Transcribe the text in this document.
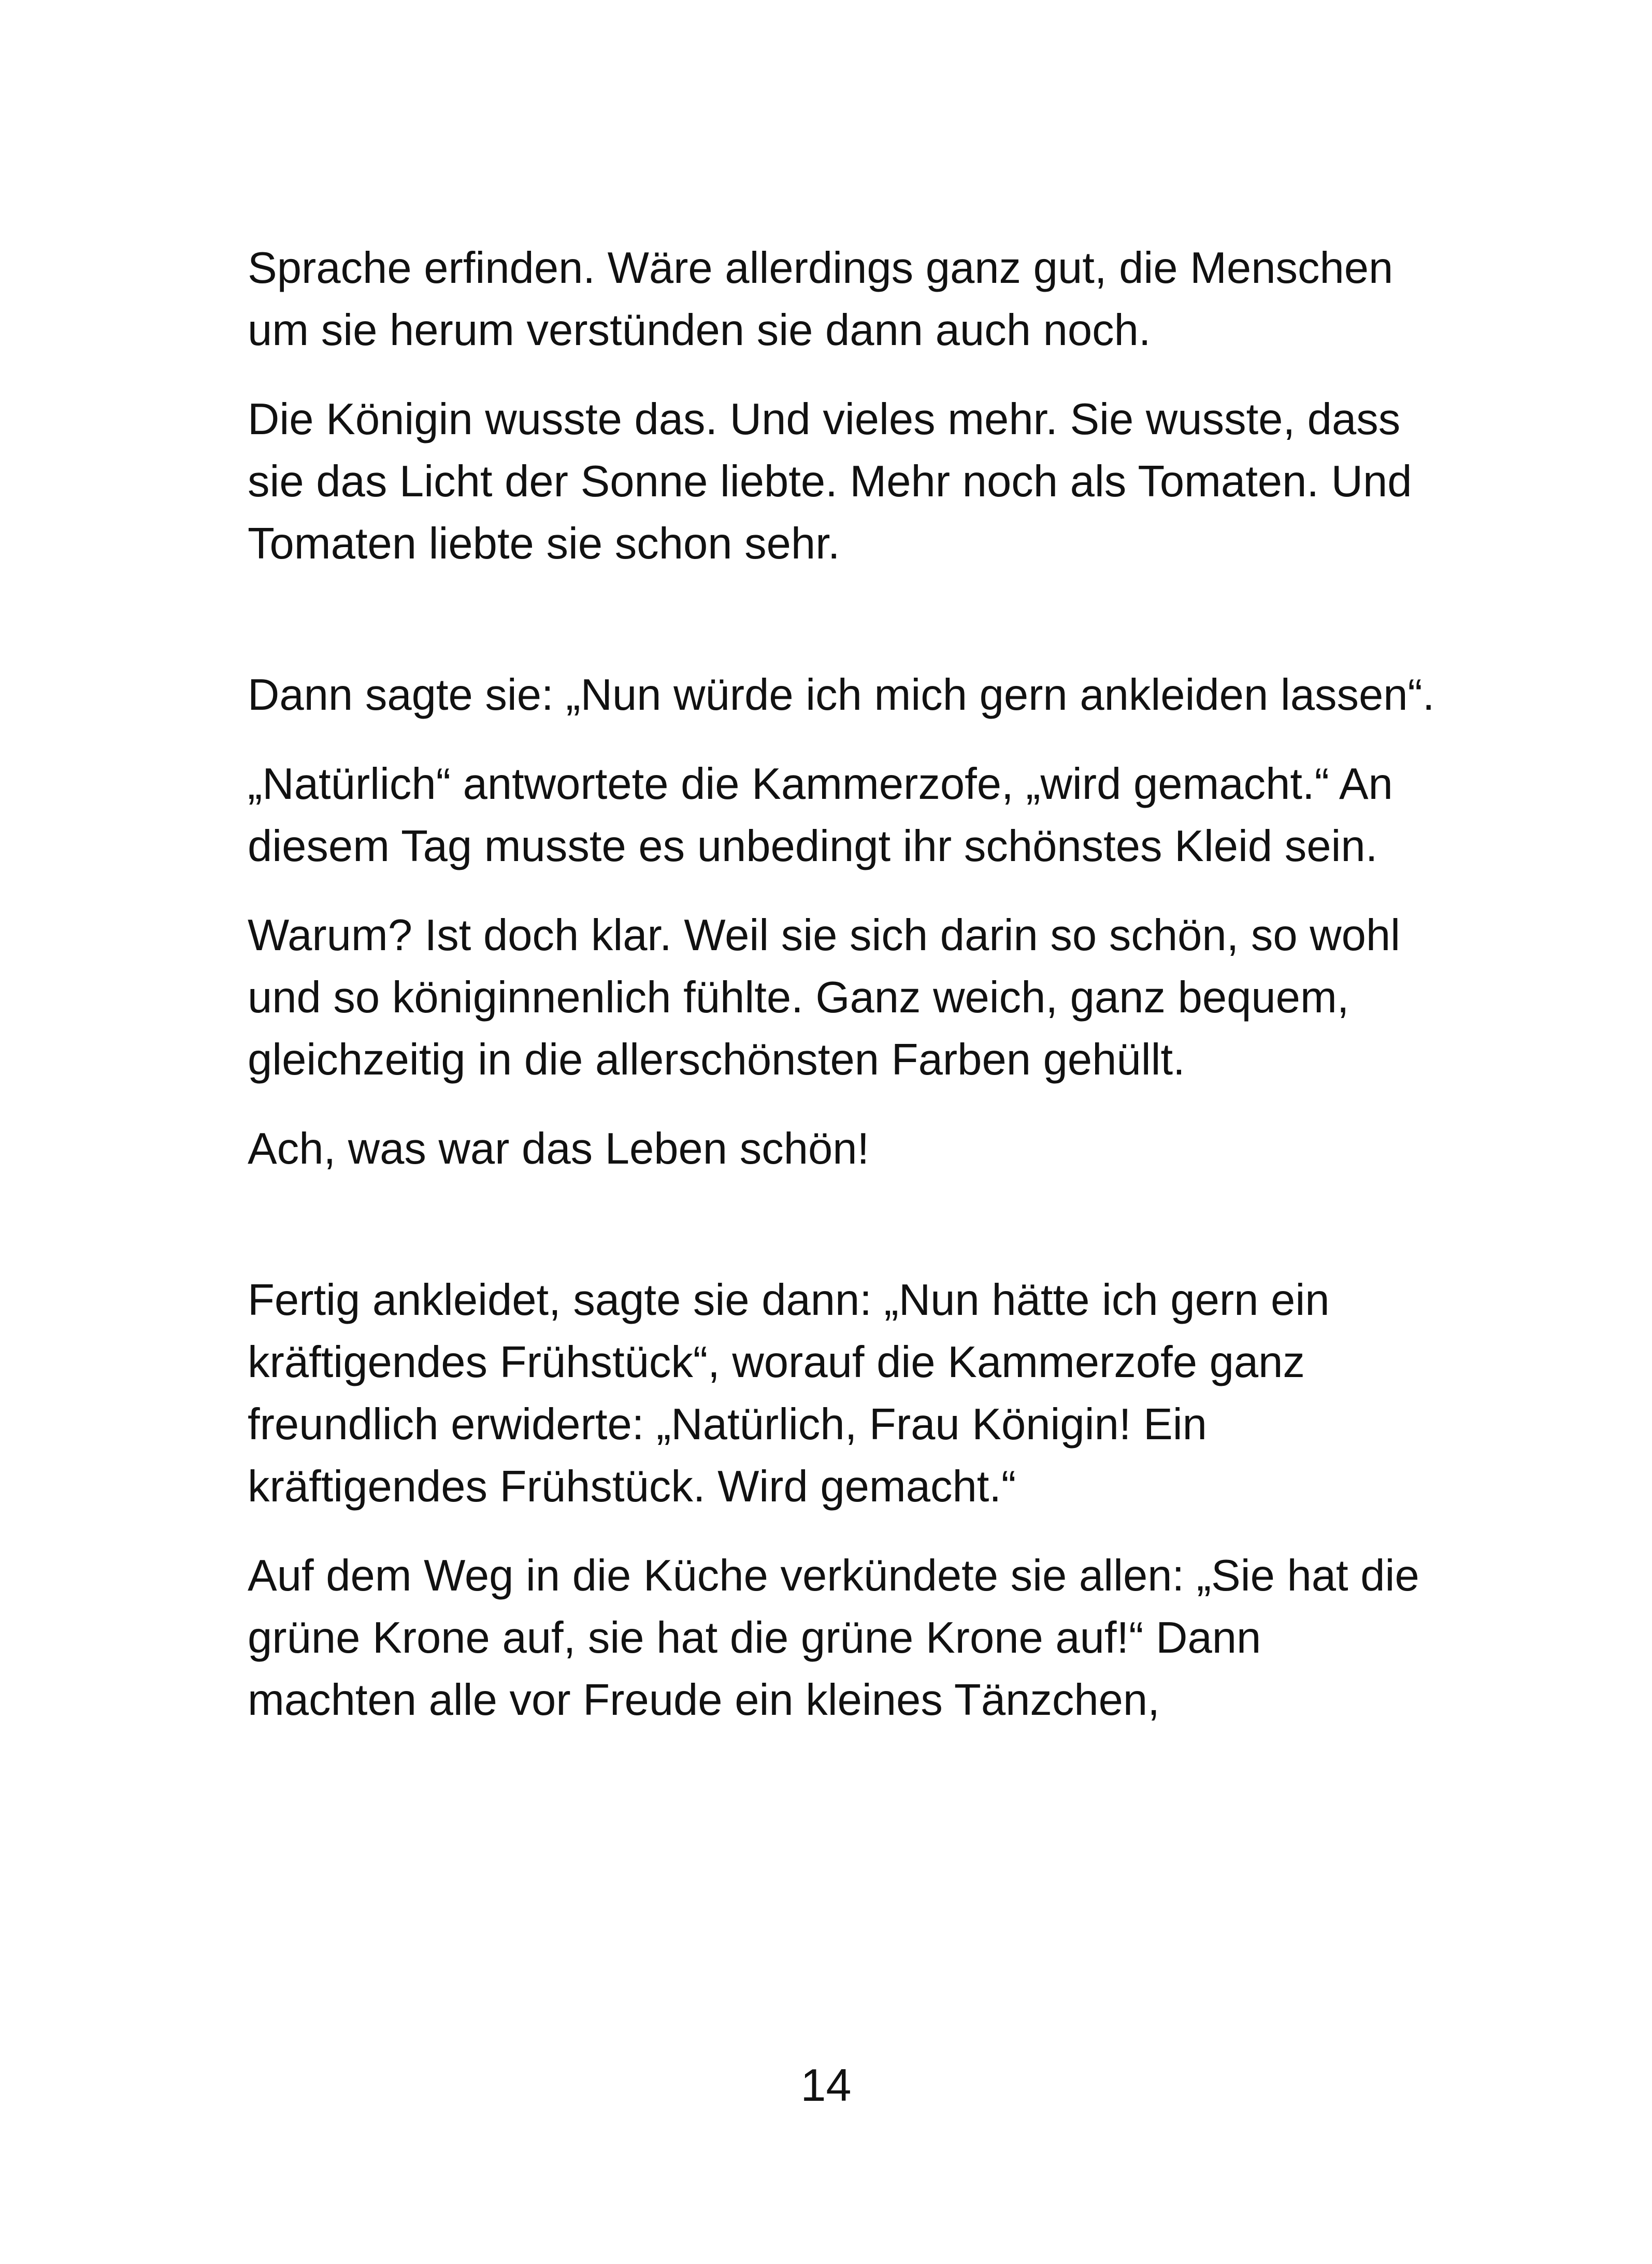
Sprache erfinden. Wäre allerdings ganz gut, die Menschen um sie herum verstünden sie dann auch noch.

Die Königin wusste das. Und vieles mehr. Sie wusste, dass sie das Licht der Sonne liebte. Mehr noch als Tomaten. Und Tomaten liebte sie schon sehr.

Dann sagte sie: „Nun würde ich mich gern ankleiden lassen“.

„Natürlich“ antwortete die Kammerzofe, „wird gemacht.“ An diesem Tag musste es unbedingt ihr schönstes Kleid sein.

Warum? Ist doch klar. Weil sie sich darin so schön, so wohl und so königinnenlich fühlte. Ganz weich, ganz bequem, gleichzeitig in die allerschönsten Farben gehüllt.

Ach, was war das Leben schön!

Fertig ankleidet, sagte sie dann: „Nun hätte ich gern ein kräftigendes Frühstück“, worauf die Kammerzofe ganz freundlich erwiderte: „Natürlich, Frau Königin! Ein kräftigendes Frühstück. Wird gemacht.“

Auf dem Weg in die Küche verkündete sie allen: „Sie hat die grüne Krone auf, sie hat die grüne Krone auf!“ Dann machten alle vor Freude ein kleines Tänzchen,

14
